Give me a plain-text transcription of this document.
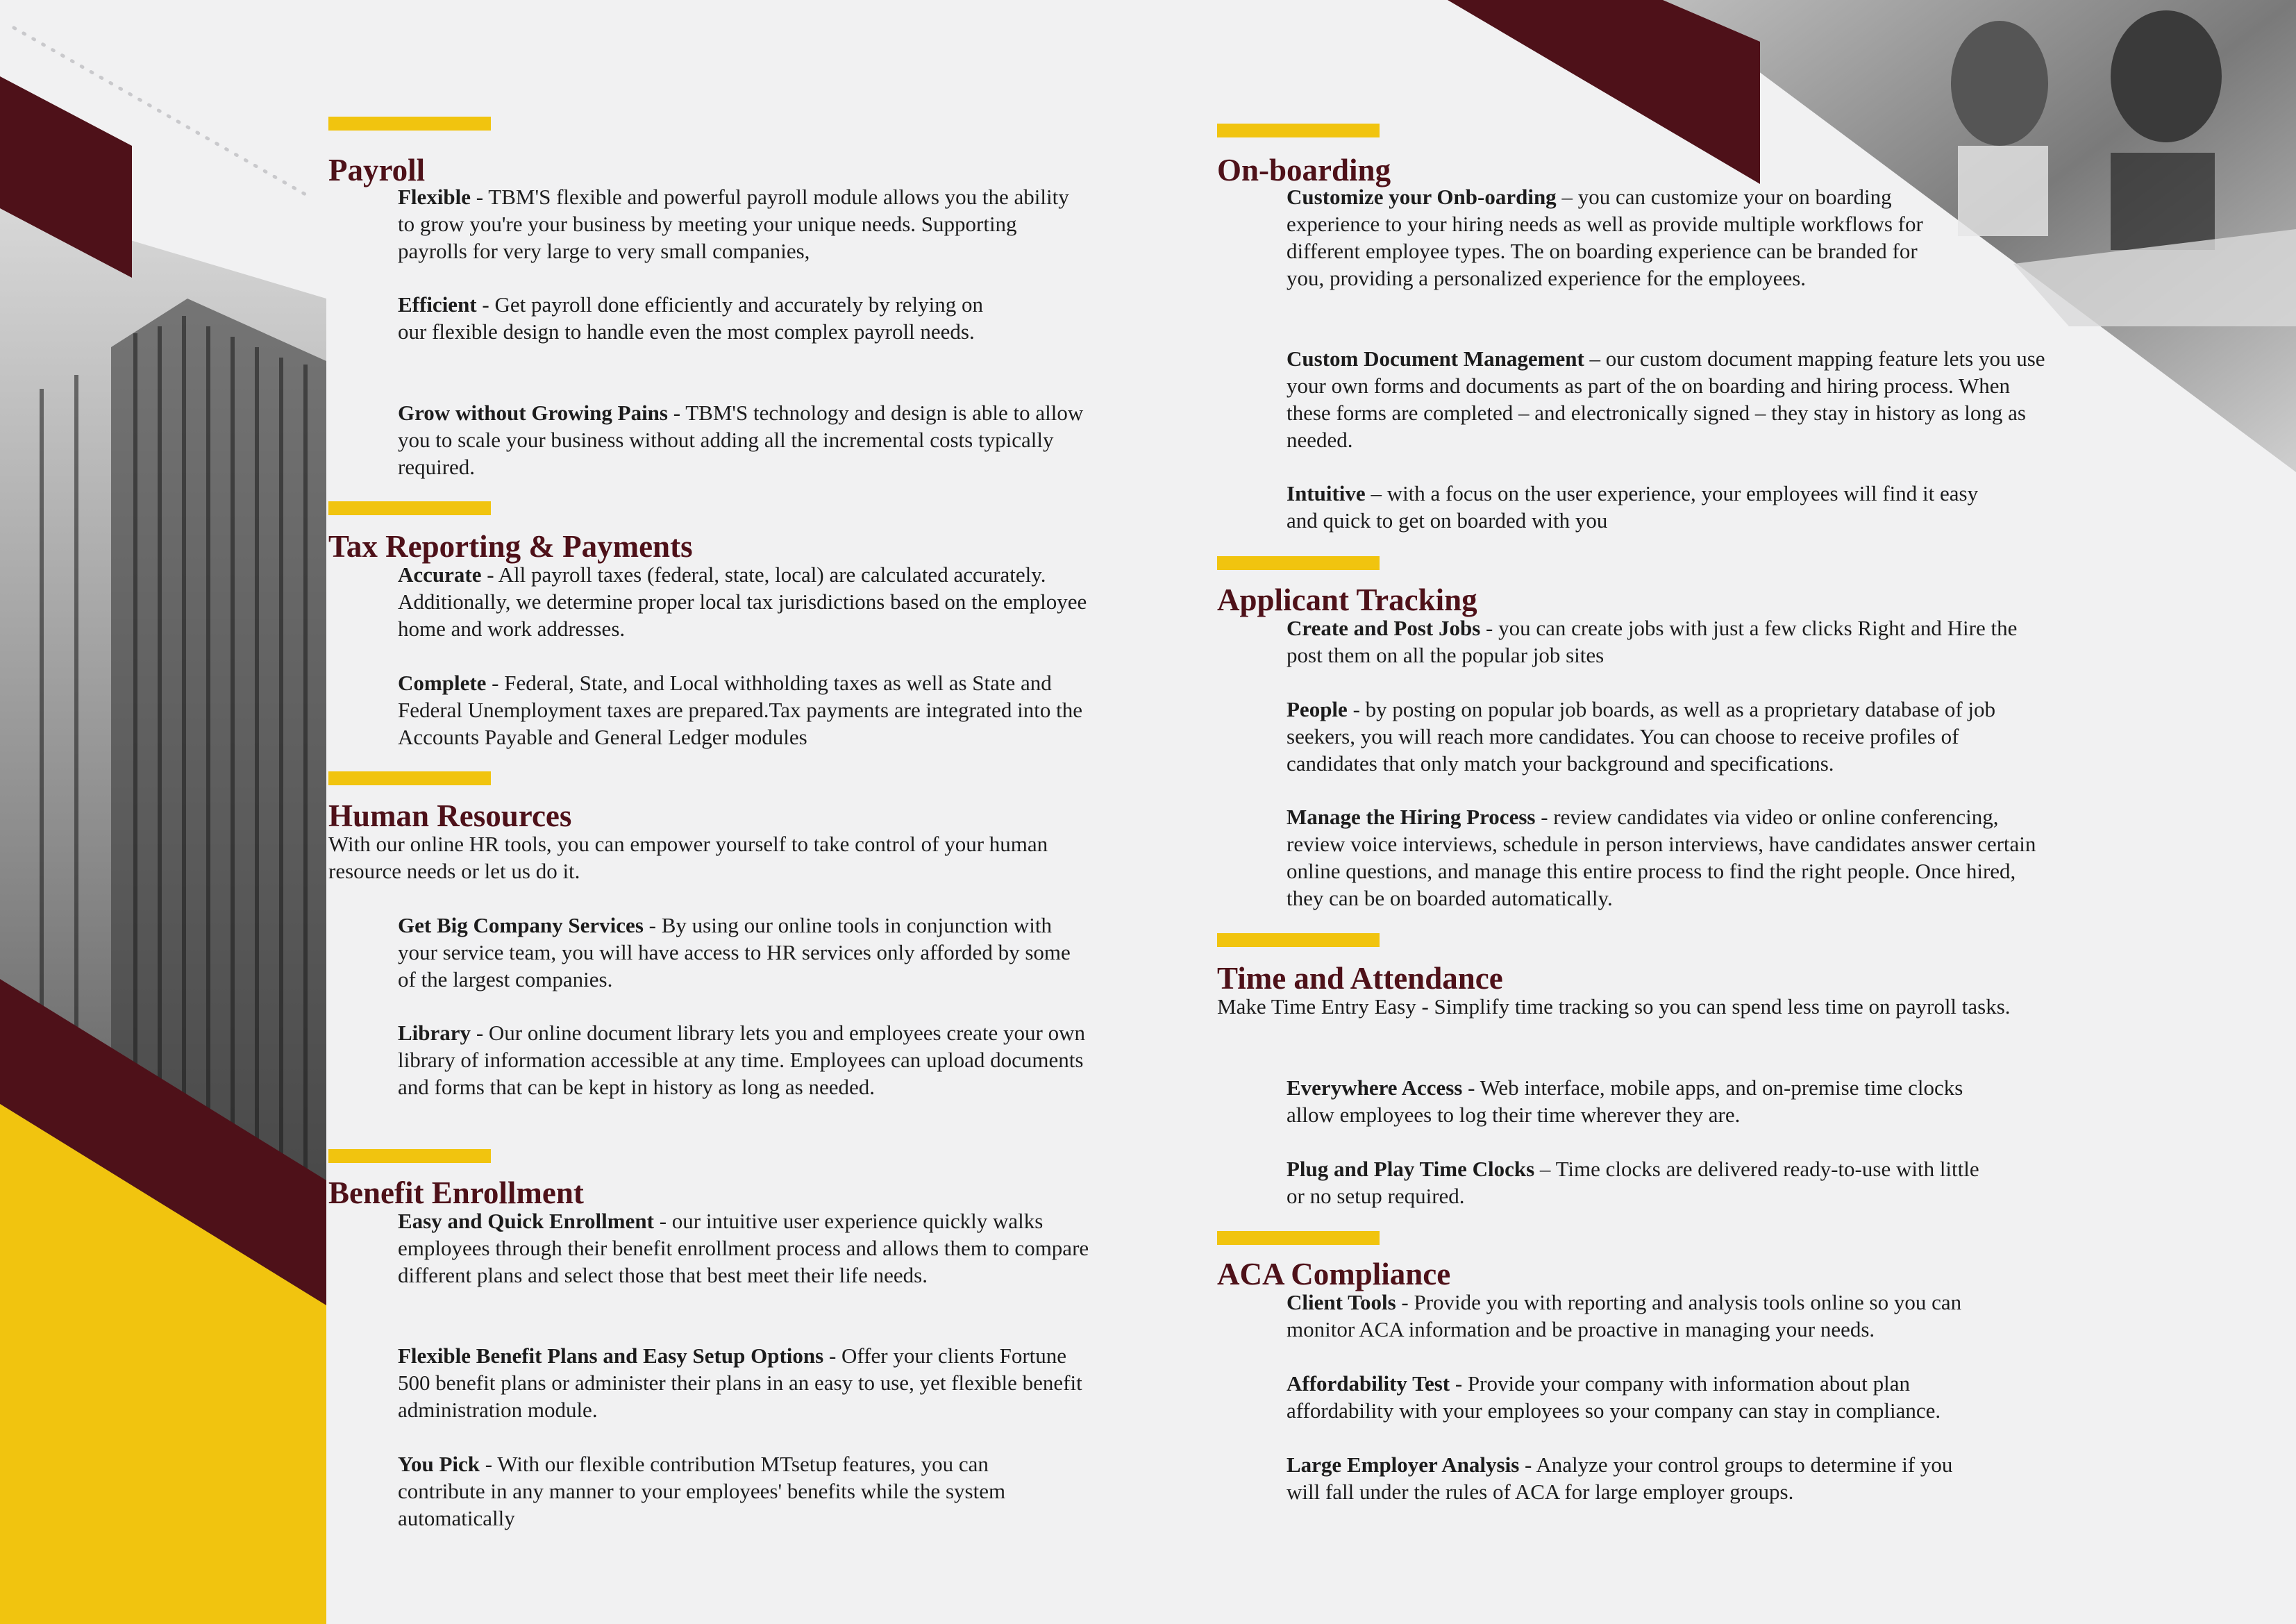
Payroll

Flexible - TBM'S flexible and powerful payroll module allows you the ability to grow you're your business by meeting your unique needs. Supporting payrolls for very large to very small companies,

Efficient - Get payroll done efficiently and accurately by relying on our flexible design to handle even the most complex payroll needs.

Grow without Growing Pains - TBM'S technology and design is able to allow you to scale your business without adding all the incremental costs typically required.

Tax Reporting & Payments

Accurate - All payroll taxes (federal, state, local) are calculated accurately. Additionally, we determine proper local tax jurisdictions based on the employee home and work addresses.

Complete - Federal, State, and Local withholding taxes as well as State and Federal Unemployment taxes are prepared.Tax payments are integrated into the Accounts Payable and General Ledger modules

Human Resources

With our online HR tools, you can empower yourself to take control of your human resource needs or let us do it.

Get Big Company Services - By using our online tools in conjunction with your service team, you will have access to HR services only afforded by some of the largest companies.

Library - Our online document library lets you and employees create your own library of information accessible at any time. Employees can upload documents and forms that can be kept in history as long as needed.

Benefit Enrollment

Easy and Quick Enrollment - our intuitive user experience quickly walks employees through their benefit enrollment process and allows them to compare different plans and select those that best meet their life needs.

Flexible Benefit Plans and Easy Setup Options - Offer your clients Fortune 500 benefit plans or administer their plans in an easy to use, yet flexible benefit administration module.

You Pick - With our flexible contribution MTsetup features, you can contribute in any manner to your employees' benefits while the system automatically

On-boarding

Customize your Onb-oarding – you can customize your on boarding experience to your hiring needs as well as provide multiple workflows for different employee types. The on boarding experience can be branded for you, providing a personalized experience for the employees.

Custom Document Management – our custom document mapping feature lets you use your own forms and documents as part of the on boarding and hiring process. When these forms are completed – and electronically signed – they stay in history as long as needed.

Intuitive – with a focus on the user experience, your employees will find it easy and quick to get on boarded with you

Applicant Tracking

Create and Post Jobs - you can create jobs with just a few clicks Right and Hire the post them on all the popular job sites

People - by posting on popular job boards, as well as a proprietary database of job seekers, you will reach more candidates. You can choose to receive profiles of candidates that only match your background and specifications.

Manage the Hiring Process - review candidates via video or online conferencing, review voice interviews, schedule in person interviews, have candidates answer certain online questions, and manage this entire process to find the right people. Once hired, they can be on boarded automatically.

Time and Attendance

Make Time Entry Easy - Simplify time tracking so you can spend less time on payroll tasks.

Everywhere Access - Web interface, mobile apps, and on-premise time clocks allow employees to log their time wherever they are.

Plug and Play Time Clocks – Time clocks are delivered ready-to-use with little or no setup required.

ACA Compliance

Client Tools - Provide you with reporting and analysis tools online so you can monitor ACA information and be proactive in managing your needs.

Affordability Test - Provide your company with information about plan affordability with your employees so your company can stay in compliance.

Large Employer Analysis - Analyze your control groups to determine if you will fall under the rules of ACA for large employer groups.
